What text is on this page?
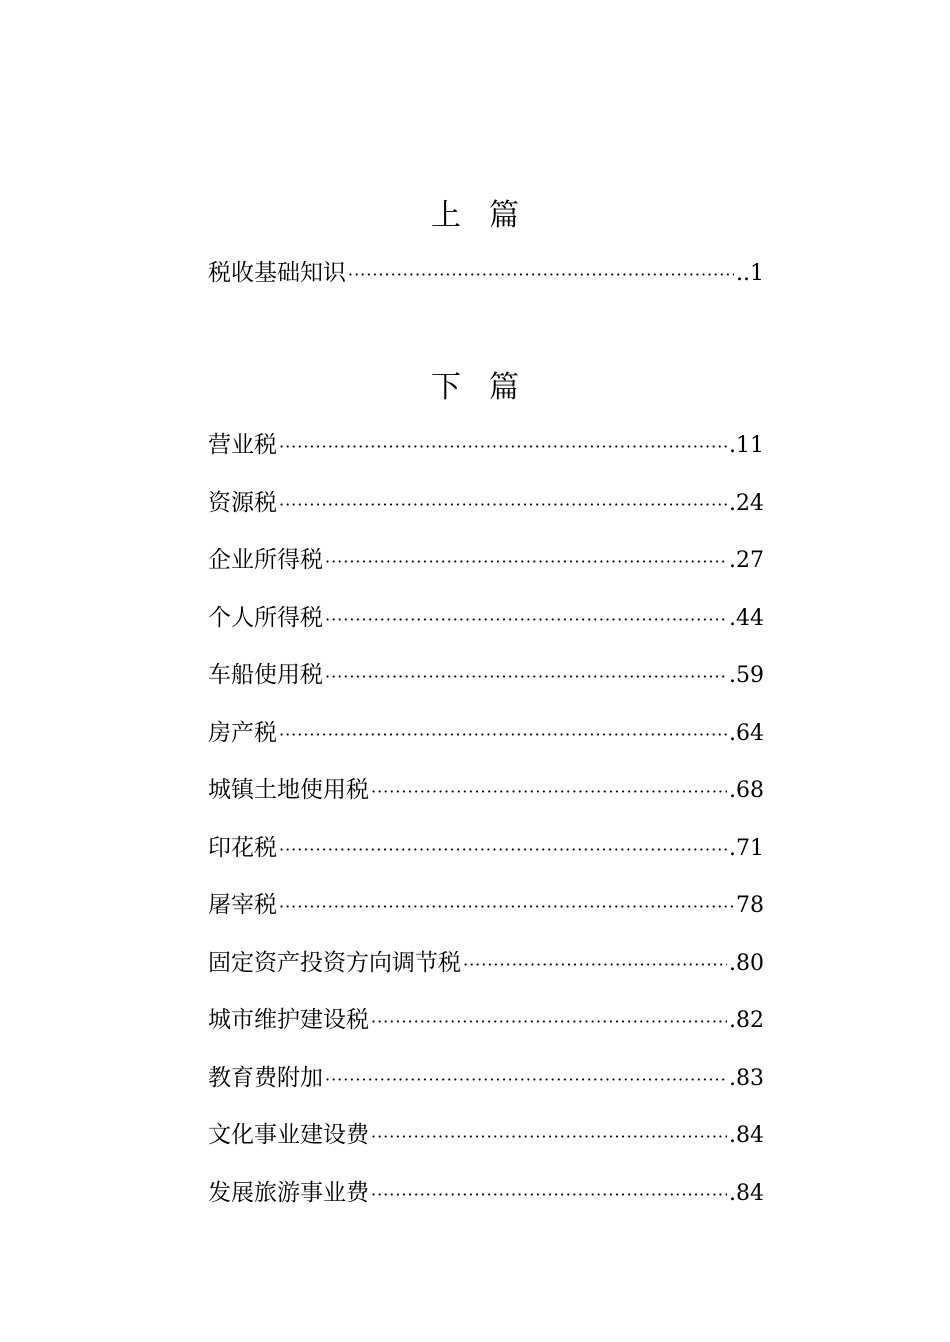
上 篇
税收基础知识 ·····	..1
下 篇
营业税 ·····	.11
资源税 ·····	.24
企业所得税 ·····	.27
个人所得税 ·····	.44
车船使用税 ·····	.59
房产税 ·····	.64
城镇土地使用税 ·····	.68
印花税 ·····	.71
屠宰税 ·····	78
固定资产投资方向调节税 ·····	.80
城市维护建设税 ·····	.82
教育费附加 ·····	.83
文化事业建设费 ·····	.84
发展旅游事业费 ·····	.84
